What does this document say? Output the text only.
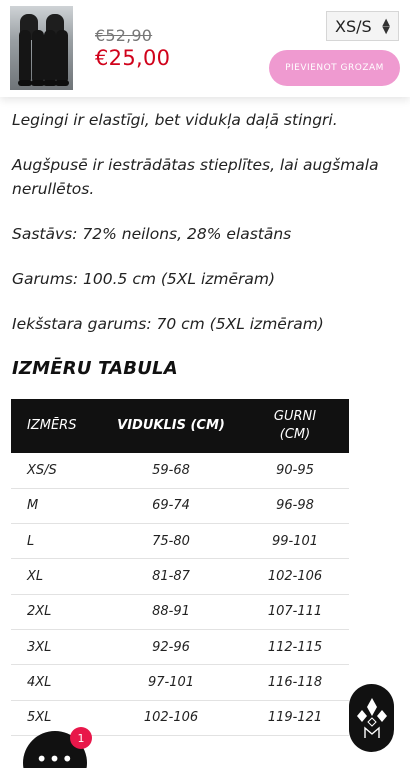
€52,90
€25,00
XS/S ▲
▼
PIEVIENOT GROZAM

Legingi ir elastīgi, bet vidukļa daļā stingri.

Augšpusē ir iestrādātas stieplītes, lai augšmala nerullētos.

Sastāvs: 72% neilons, 28% elastāns

Garums: 100.5 cm (5XL izmēram)

Iekšstara garums: 70 cm (5XL izmēram)

IZMĒRU TABULA
IZMĒRS	VIDUKLIS (CM)	GURNI (CM)
XS/S	59-68	90-95
M	69-74	96-98
L	75-80	99-101
XL	81-87	102-106
2XL	88-91	107-111
3XL	92-96	112-115
4XL	97-101	116-118
5XL	102-106	119-121
•••
1
